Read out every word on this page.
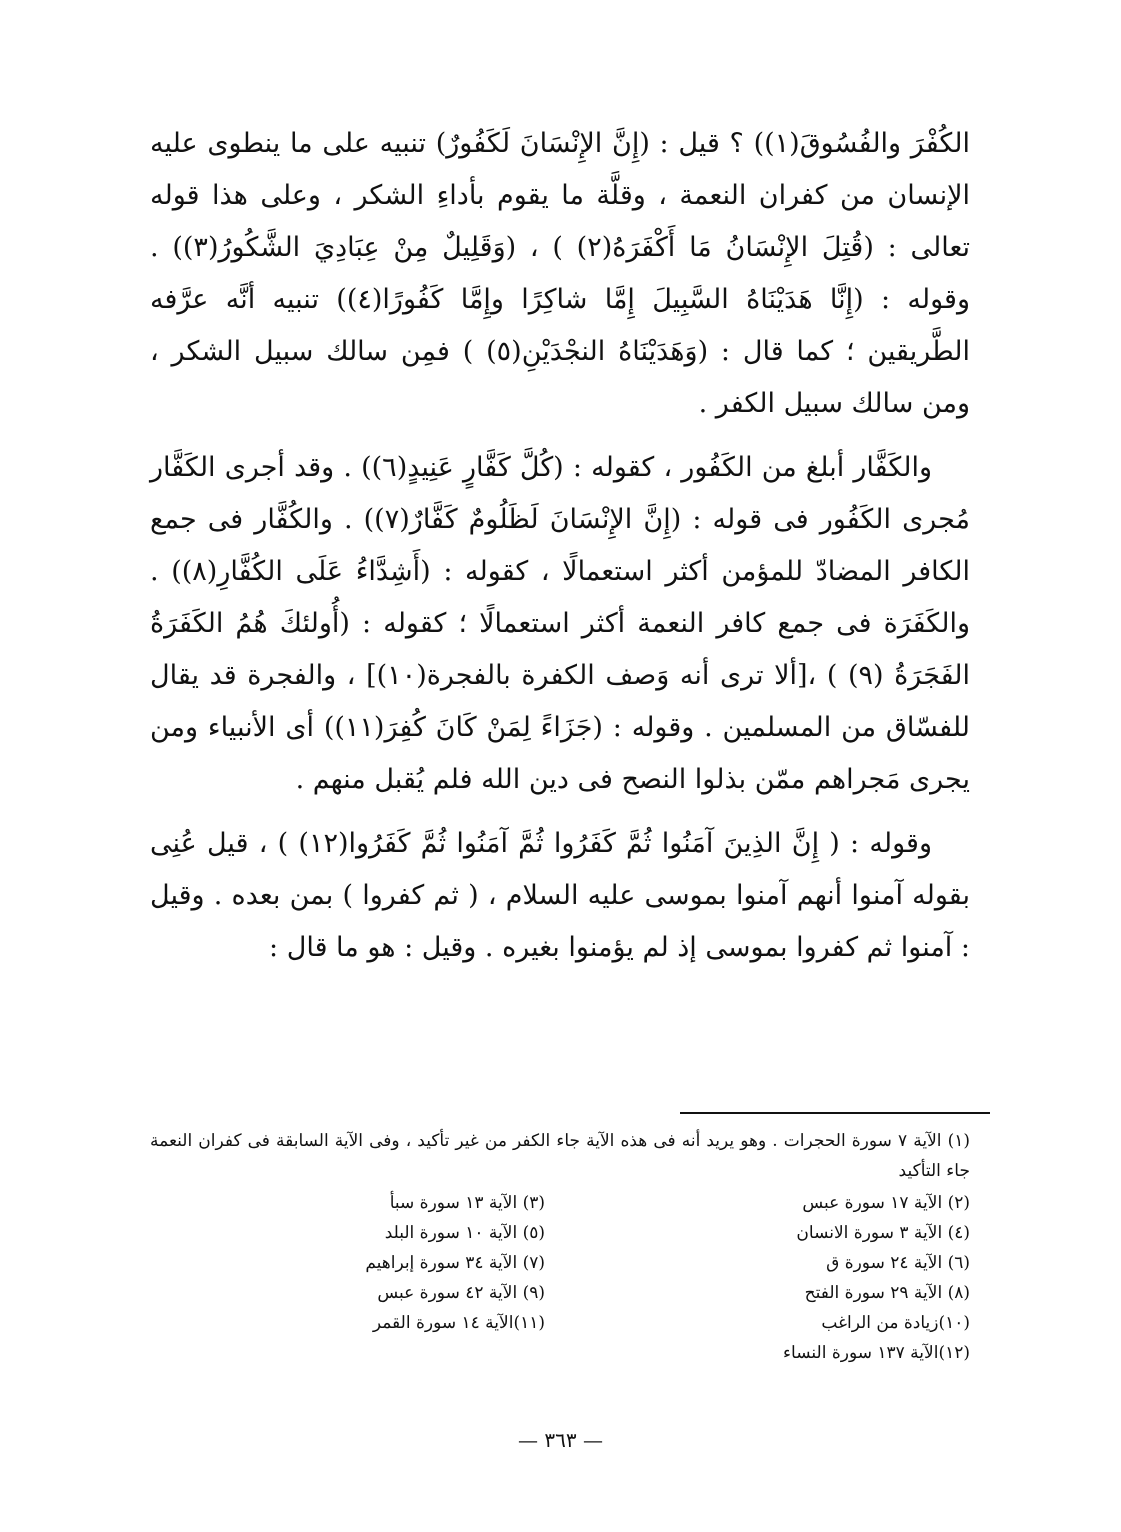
الكُفْرَ والفُسُوقَ(١)) ؟ قيل : (إِنَّ الإِنْسَانَ لَكَفُورٌ) تنبيه على ما ينطوى عليه الإنسان من كفران النعمة ، وقلَّة ما يقوم بأداءِ الشكر ، وعلى هذا قوله تعالى : (قُتِلَ الإِنْسَانُ مَا أَكْفَرَهُ(٢) ) ، (وَقَلِيلٌ مِنْ عِبَادِيَ الشَّكُورُ(٣)) . وقوله : (إِنَّا هَدَيْنَاهُ السَّبِيلَ إِمَّا شاكِرًا وإِمَّا كَفُورًا(٤)) تنبيه أنَّه عرَّفه الطَّريقين ؛ كما قال : (وَهَدَيْنَاهُ النجْدَيْنِ(٥) ) فمِن سالك سبيل الشكر ، ومن سالك سبيل الكفر .

والكَفَّار أبلغ من الكَفُور ، كقوله : (كُلَّ كَفَّارٍ عَنِيدٍ(٦)) . وقد أجرى الكَفَّار مُجرى الكَفُور فى قوله : (إِنَّ الإِنْسَانَ لَظَلُومٌ كَفَّارٌ(٧)) . والكُفَّار فى جمع الكافر المضادّ للمؤمن أكثر استعمالًا ، كقوله : (أَشِدَّاءُ عَلَى الكُفَّارِ(٨)) . والكَفَرَة فى جمع كافر النعمة أكثر استعمالًا ؛ كقوله : (أُولئكَ هُمُ الكَفَرَةُ الفَجَرَةُ (٩) ) ،[ألا ترى أنه وَصف الكفرة بالفجرة(١٠)] ، والفجرة قد يقال للفسّاق من المسلمين . وقوله : (جَزَاءً لِمَنْ كَانَ كُفِرَ(١١)) أى الأنبياء ومن يجرى مَجراهم ممّن بذلوا النصح فى دين الله فلم يُقبل منهم .

وقوله : ( إِنَّ الذِينَ آمَنُوا ثُمَّ كَفَرُوا ثُمَّ آمَنُوا ثُمَّ كَفَرُوا(١٢) ) ، قيل عُنِى بقوله آمنوا أنهم آمنوا بموسى عليه السلام ، ( ثم كفروا ) بمن بعده . وقيل : آمنوا ثم كفروا بموسى إذ لم يؤمنوا بغيره . وقيل : هو ما قال :

(١) الآية ٧ سورة الحجرات . وهو يريد أنه فى هذه الآية جاء الكفر من غير تأكيد ، وفى الآية السابقة فى كفران النعمة جاء التأكيد

(٢) الآية ١٧ سورة عبس
(٣) الآية ١٣ سورة سبأ
(٤) الآية ٣ سورة الانسان
(٥) الآية ١٠ سورة البلد
(٦) الآية ٢٤ سورة ق
(٧) الآية ٣٤ سورة إبراهيم
(٨) الآية ٢٩ سورة الفتح
(٩) الآية ٤٢ سورة عبس
(١٠)زيادة من الراغب
(١١)الآية ١٤ سورة القمر
(١٢)الآية ١٣٧ سورة النساء
— ٣٦٣ —
